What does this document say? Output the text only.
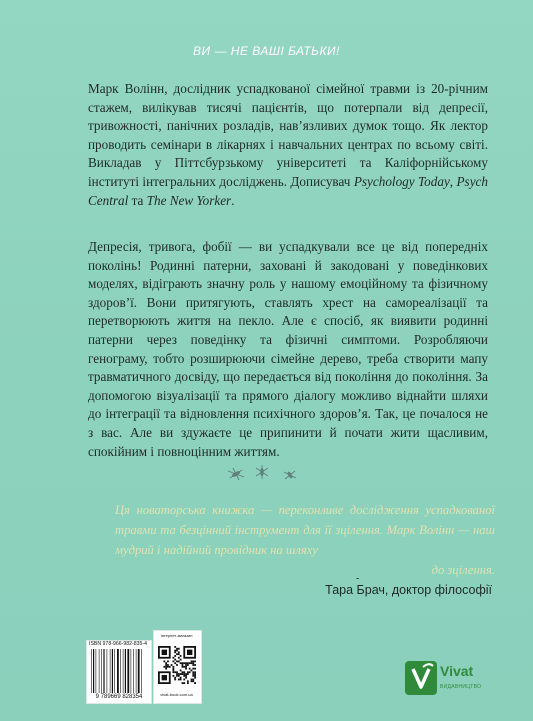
ВИ — НЕ ВАШІ БАТЬКИ!
Марк Волінн, дослідник успадкованої сімейної травми із 20-річним стажем, вилікував тисячі пацієнтів, що потерпали від депресії, тривожності, панічних розладів, нав’язливих думок тощо. Як лектор проводить семінари в лікарнях і навчальних центрах по всьому світі. Викладав у Піттсбурзькому університеті та Каліфорнійському інституті інтегральних досліджень. Дописувач Psychology Today, Psych Central та The New Yorker.
Депресія, тривога, фобії — ви успадкували все це від попередніх поколінь! Родинні патерни, заховані й закодовані у поведінкових моделях, відіграють значну роль у нашому емоційному та фізичному здоров’ї. Вони притягують, ставлять хрест на самореалізації та перетворюють життя на пекло. Але є спосіб, як виявити родинні патерни через поведінку та фізичні симптоми. Розробляючи генограму, тобто розширюючи сімейне дерево, треба створити мапу травматичного досвіду, що передається від покоління до покоління. За допомогою візуалізації та прямого діалогу можливо віднайти шляхи до інтеграції та відновлення психічного здоров’я. Так, це почалося не з вас. Але ви здужаєте це припинити й почати жити щасливим, спокійним і повноцінним життям.
Ця новаторська книжка — переконливе дослідження успадкованої травми та безцінний інструмент для її зцілення. Марк Волінн — наш мудрий і надійний провідник на шляху
до зцілення.
-
Тара Брач, доктор філософії
ISBN 978-966-982-835-4
9 789669 828354
Інтернет-магазин
vivat-book.com.ua
Vivat
ВИДАВНИЦТВО
